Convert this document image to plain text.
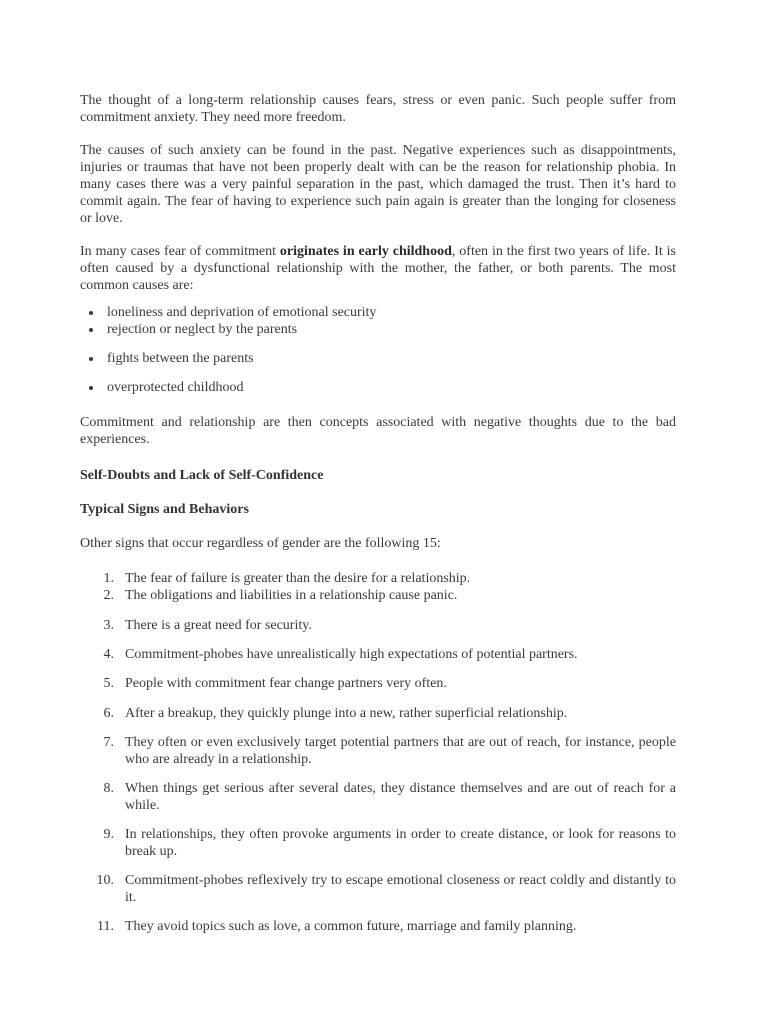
The thought of a long-term relationship causes fears, stress or even panic. Such people suffer from commitment anxiety. They need more freedom.

The causes of such anxiety can be found in the past. Negative experiences such as disappointments, injuries or traumas that have not been properly dealt with can be the reason for relationship phobia. In many cases there was a very painful separation in the past, which damaged the trust. Then it’s hard to commit again. The fear of having to experience such pain again is greater than the longing for closeness or love.

In many cases fear of commitment originates in early childhood, often in the first two years of life. It is often caused by a dysfunctional relationship with the mother, the father, or both parents. The most common causes are:

loneliness and deprivation of emotional security
rejection or neglect by the parents
fights between the parents
overprotected childhood

Commitment and relationship are then concepts associated with negative thoughts due to the bad experiences.

Self-Doubts and Lack of Self-Confidence

Typical Signs and Behaviors

Other signs that occur regardless of gender are the following 15:

1. The fear of failure is greater than the desire for a relationship.
2. The obligations and liabilities in a relationship cause panic.
3. There is a great need for security.
4. Commitment-phobes have unrealistically high expectations of potential partners.
5. People with commitment fear change partners very often.
6. After a breakup, they quickly plunge into a new, rather superficial relationship.
7. They often or even exclusively target potential partners that are out of reach, for instance, people who are already in a relationship.
8. When things get serious after several dates, they distance themselves and are out of reach for a while.
9. In relationships, they often provoke arguments in order to create distance, or look for reasons to break up.
10. Commitment-phobes reflexively try to escape emotional closeness or react coldly and distantly to it.
11. They avoid topics such as love, a common future, marriage and family planning.
